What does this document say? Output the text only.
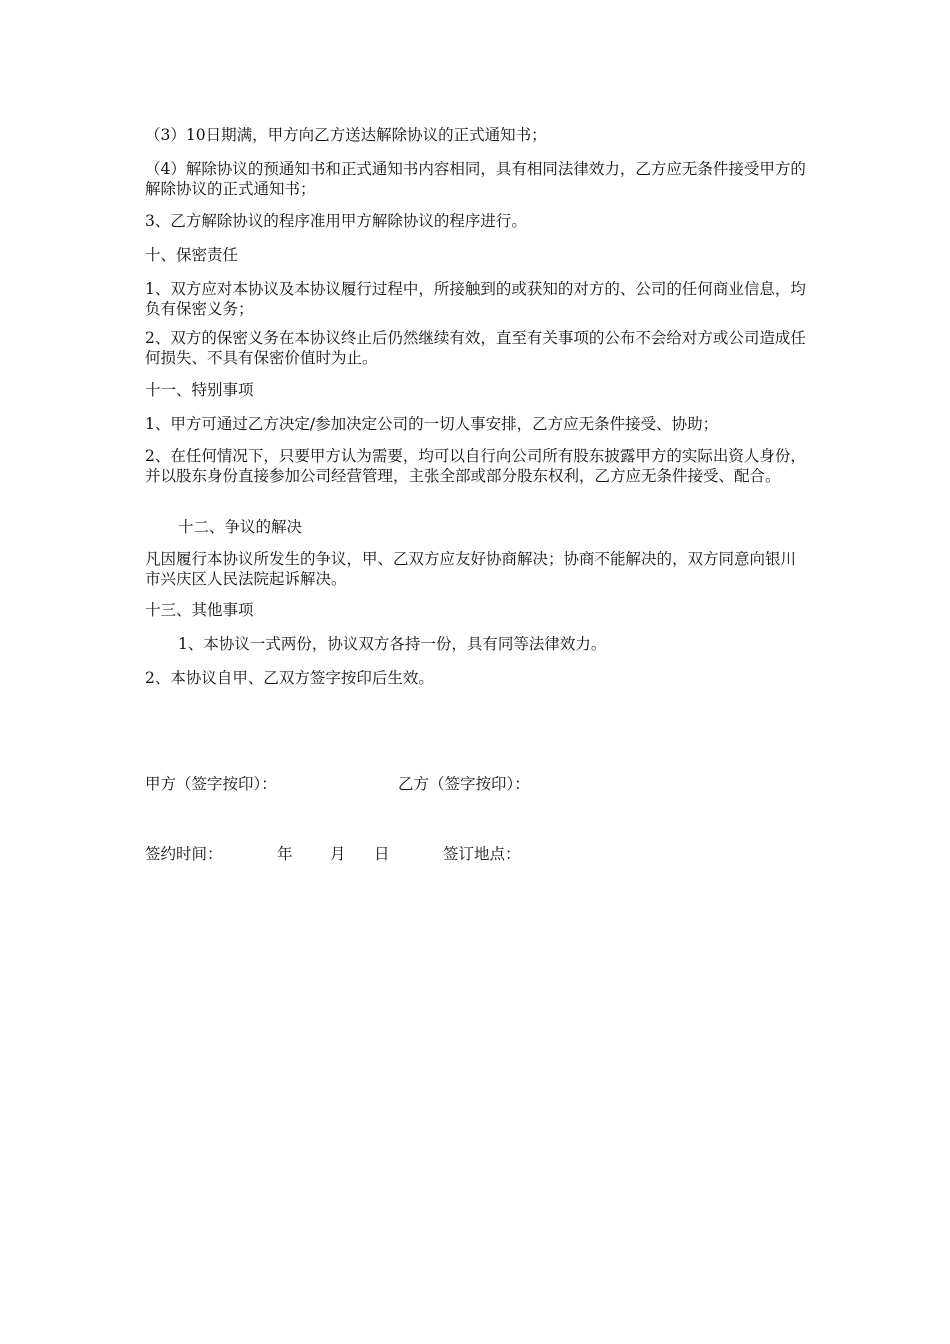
（3）10日期满，甲方向乙方送达解除协议的正式通知书；
（4）解除协议的预通知书和正式通知书内容相同，具有相同法律效力，乙方应无条件接受甲方的解除协议的正式通知书；
3、乙方解除协议的程序准用甲方解除协议的程序进行。
十、保密责任
1、双方应对本协议及本协议履行过程中，所接触到的或获知的对方的、公司的任何商业信息，均负有保密义务；
2、双方的保密义务在本协议终止后仍然继续有效，直至有关事项的公布不会给对方或公司造成任何损失、不具有保密价值时为止。
十一、特别事项
1、甲方可通过乙方决定/参加决定公司的一切人事安排，乙方应无条件接受、协助；
2、在任何情况下，只要甲方认为需要，均可以自行向公司所有股东披露甲方的实际出资人身份，并以股东身份直接参加公司经营管理，主张全部或部分股东权利，乙方应无条件接受、配合。
十二、争议的解决
凡因履行本协议所发生的争议，甲、乙双方应友好协商解决；协商不能解决的，双方同意向银川市兴庆区人民法院起诉解决。
十三、其他事项
1、本协议一式两份，协议双方各持一份，具有同等法律效力。
2、本协议自甲、乙双方签字按印后生效。
甲方（签字按印）：	乙方（签字按印）：
签约时间：	年 月 日	签订地点：
